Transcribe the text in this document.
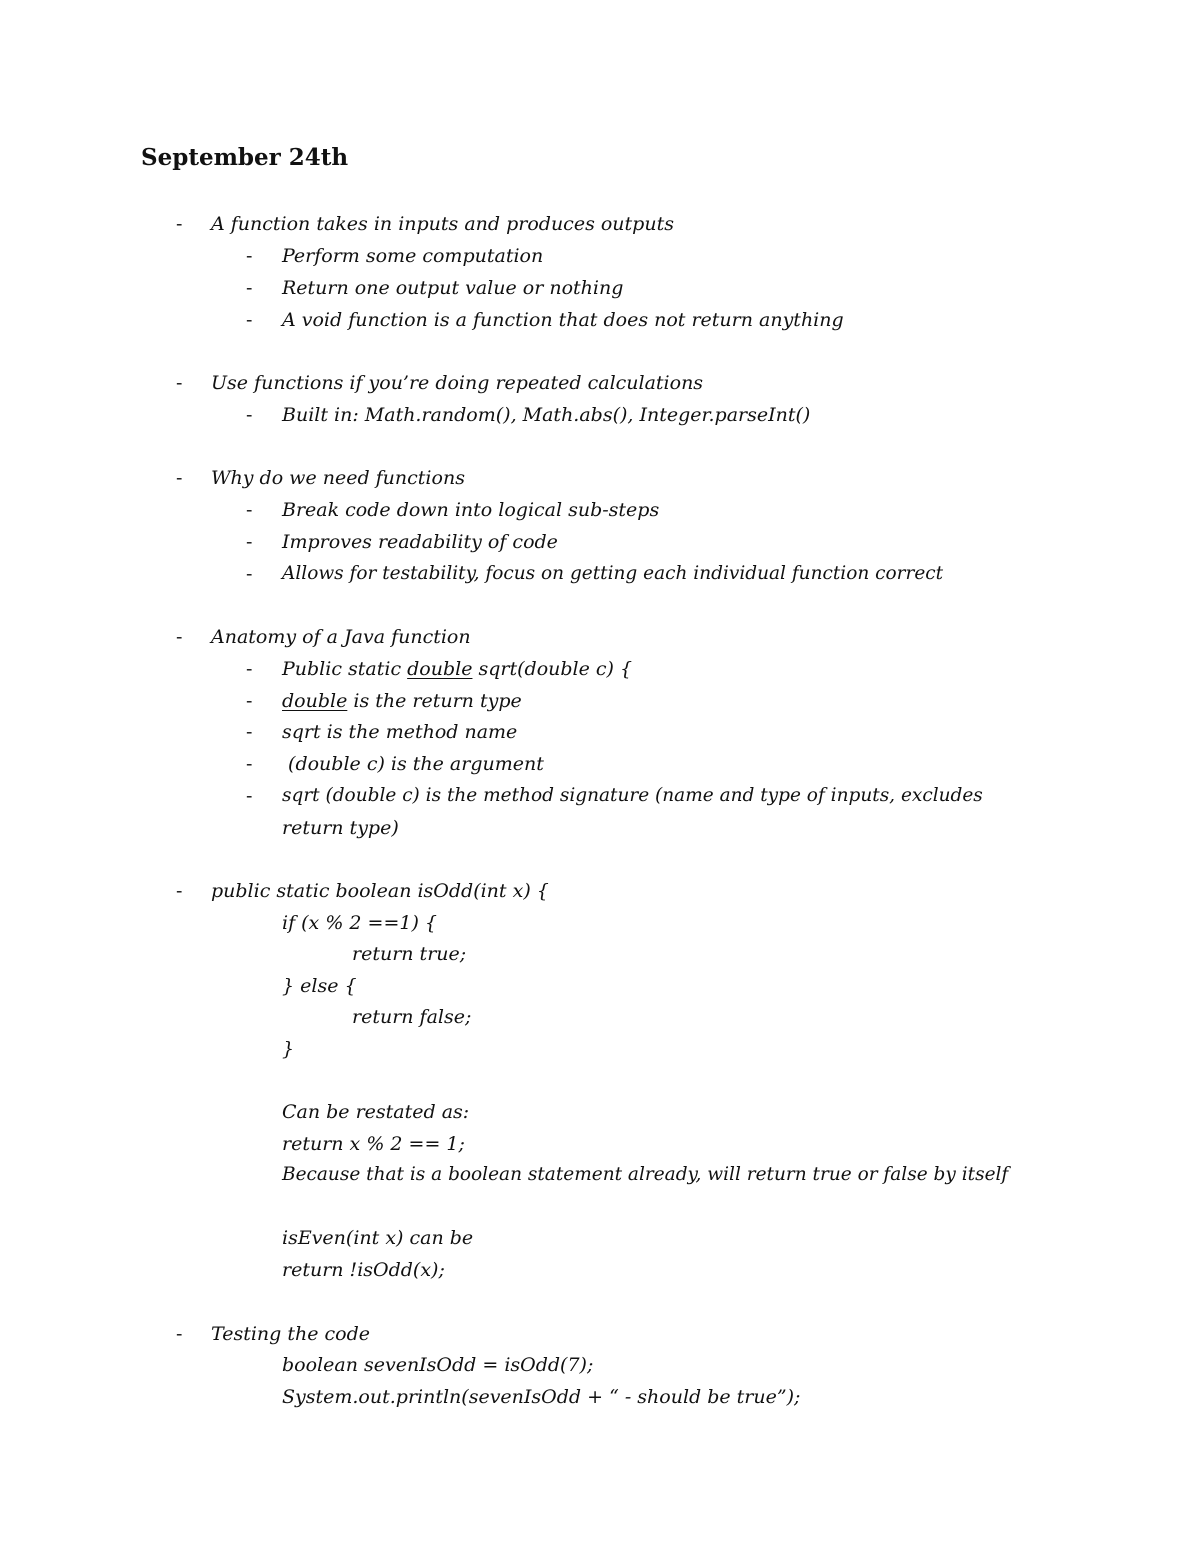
September 24th
- A function takes in inputs and produces outputs
- Perform some computation
- Return one output value or nothing
- A void function is a function that does not return anything
- Use functions if you’re doing repeated calculations
- Built in: Math.random(), Math.abs(), Integer.parseInt()
- Why do we need functions
- Break code down into logical sub-steps
- Improves readability of code
- Allows for testability, focus on getting each individual function correct
- Anatomy of a Java function
- Public static double sqrt(double c) {
- double is the return type
- sqrt is the method name
- (double c) is the argument
- sqrt (double c) is the method signature (name and type of inputs, excludes
return type)
- public static boolean isOdd(int x) {
if (x % 2 ==1) {
return true;
} else {
return false;
}
Can be restated as:
return x % 2 == 1;
Because that is a boolean statement already, will return true or false by itself
isEven(int x) can be
return !isOdd(x);
- Testing the code
boolean sevenIsOdd = isOdd(7);
System.out.println(sevenIsOdd + “ - should be true”);
